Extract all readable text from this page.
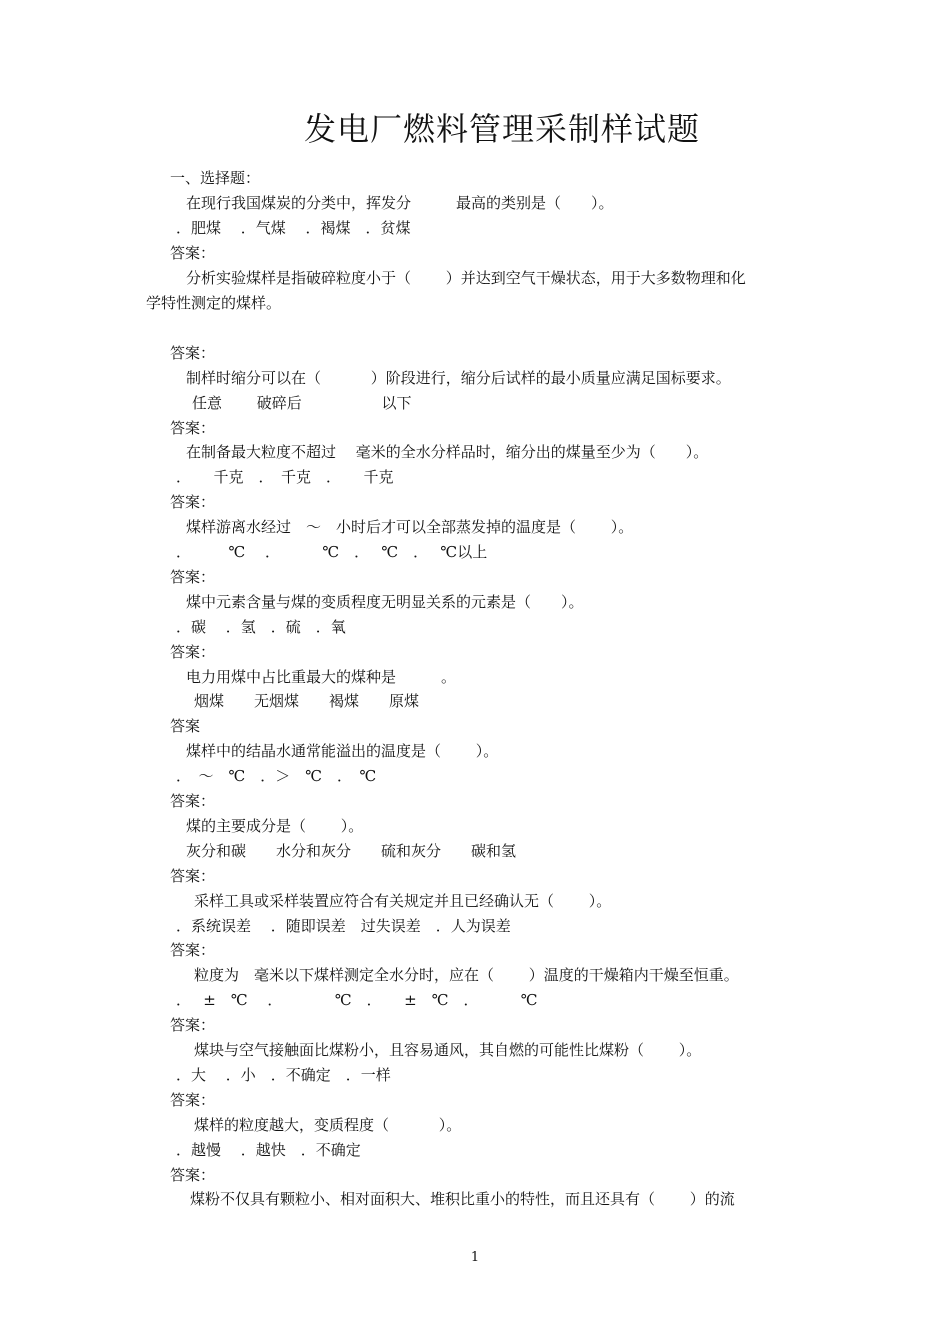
发电厂燃料管理采制样试题
一、选择题：
在现行我国煤炭的分类中，挥发分　　　最高的类别是（　　）。
．肥煤　 ．气煤　 ．褐煤　．贫煤
答案：
分析实验煤样是指破碎粒度小于（　　 ）并达到空气干燥状态，用于大多数物理和化
学特性测定的煤样。
答案：
制样时缩分可以在（　　　 ）阶段进行，缩分后试样的最小质量应满足国标要求。
任意　　 破碎后　　　　　 以下
答案：
在制备最大粒度不超过　 毫米的全水分样品时，缩分出的煤量至少为（　　）。
．　　千克　．　千克　．　　千克
答案：
煤样游离水经过　～　小时后才可以全部蒸发掉的温度是（　　 ）。
．　　　℃　 ．　　　 ℃　．　 ℃　．　 ℃以上
答案：
煤中元素含量与煤的变质程度无明显关系的元素是（　　）。
．碳　 ．氢　．硫　．氧
答案：
电力用煤中占比重最大的煤种是　　　。
烟煤　　无烟煤　　褐煤　　原煤
答案
煤样中的结晶水通常能溢出的温度是（　　 ）。
．　～　℃　．＞　℃　．　℃
答案：
煤的主要成分是（　　 ）。
灰分和碳　　水分和灰分　　硫和灰分　　碳和氢
答案：
采样工具或采样装置应符合有关规定并且已经确认无（　　 ）。
．系统误差　 ．随即误差　过失误差　．人为误差
答案：
粒度为　毫米以下煤样测定全水分时，应在（　　 ）温度的干燥箱内干燥至恒重。
．　 ±　℃　 ．　　　　℃　．　　±　℃　．　　　 ℃
答案：
煤块与空气接触面比煤粉小，且容易通风，其自燃的可能性比煤粉（　　 ）。
．大　 ．小　．不确定　．一样
答案：
煤样的粒度越大，变质程度（　　　 ）。
．越慢　 ．越快　．不确定
答案：
煤粉不仅具有颗粒小、相对面积大、堆积比重小的特性，而且还具有（　　 ）的流
1
